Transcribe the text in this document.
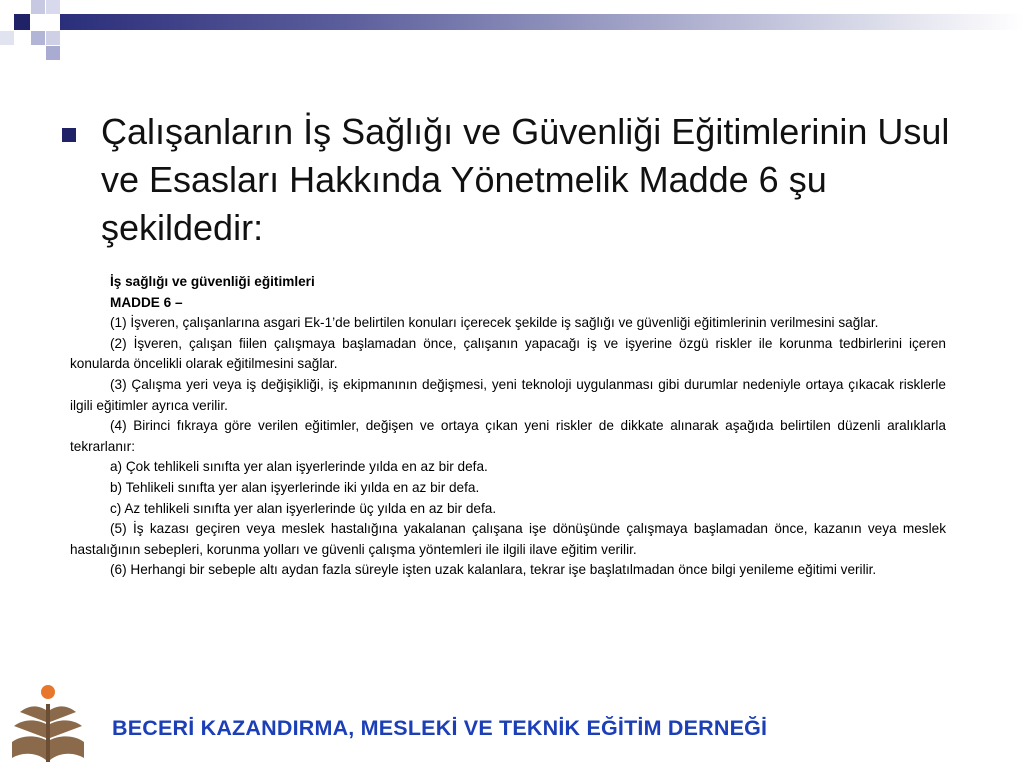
Çalışanların İş Sağlığı ve Güvenliği Eğitimlerinin Usul ve Esasları Hakkında Yönetmelik Madde 6 şu şekildedir:

İş sağlığı ve güvenliği eğitimleri

MADDE 6 –

(1) İşveren, çalışanlarına asgari Ek-1’de belirtilen konuları içerecek şekilde iş sağlığı ve güvenliği eğitimlerinin verilmesini sağlar.

(2) İşveren, çalışan fiilen çalışmaya başlamadan önce, çalışanın yapacağı iş ve işyerine özgü riskler ile korunma tedbirlerini içeren konularda öncelikli olarak eğitilmesini sağlar.

(3) Çalışma yeri veya iş değişikliği, iş ekipmanının değişmesi, yeni teknoloji uygulanması gibi durumlar nedeniyle ortaya çıkacak risklerle ilgili eğitimler ayrıca verilir.

(4) Birinci fıkraya göre verilen eğitimler, değişen ve ortaya çıkan yeni riskler de dikkate alınarak aşağıda belirtilen düzenli aralıklarla tekrarlanır:

a) Çok tehlikeli sınıfta yer alan işyerlerinde yılda en az bir defa.

b) Tehlikeli sınıfta yer alan işyerlerinde iki yılda en az bir defa.

c) Az tehlikeli sınıfta yer alan işyerlerinde üç yılda en az bir defa.

(5) İş kazası geçiren veya meslek hastalığına yakalanan çalışana işe dönüşünde çalışmaya başlamadan önce, kazanın veya meslek hastalığının sebepleri, korunma yolları ve güvenli çalışma yöntemleri ile ilgili ilave eğitim verilir.

(6) Herhangi bir sebeple altı aydan fazla süreyle işten uzak kalanlara, tekrar işe başlatılmadan önce bilgi yenileme eğitimi verilir.

BECERİ KAZANDIRMA, MESLEKİ VE TEKNİK EĞİTİM DERNEĞİ
